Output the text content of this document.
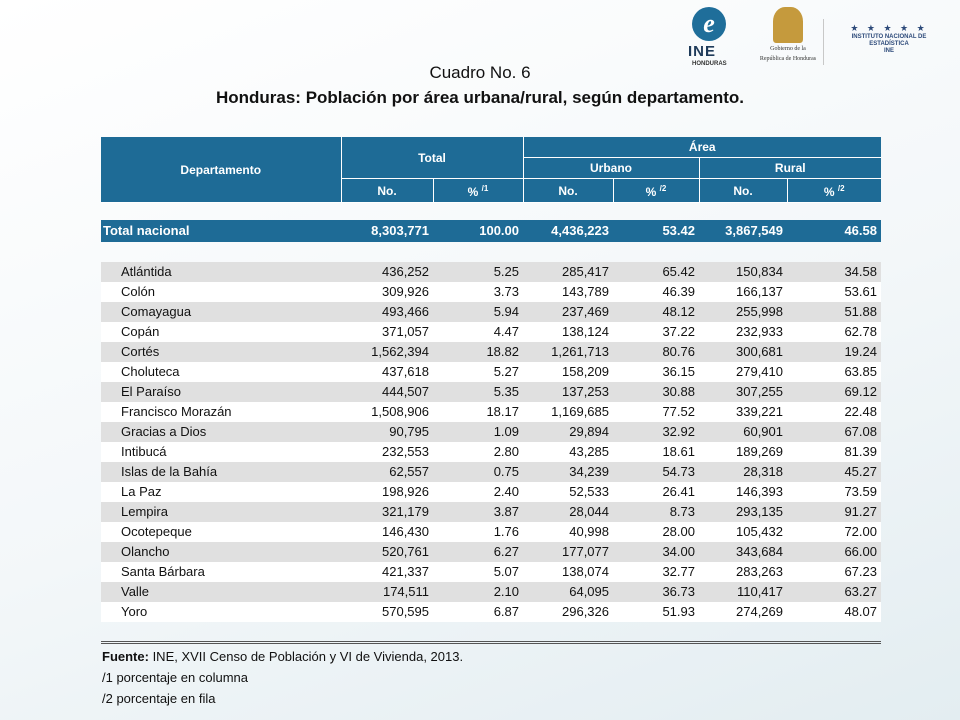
e
INE
HONDURAS
Gobierno de la
República de Honduras
★ ★ ★ ★ ★
INSTITUTO NACIONAL DE
ESTADÍSTICA
INE
Cuadro No. 6
Honduras: Población por área urbana/rural, según departamento.
Departamento	Total		Área			
			Urbano		Rural	
	No.	% $^{/1}$	No.	% $^{/2}$	No.	% $^{/2}$

Total nacional	8,303,771	100.00	4,436,223	53.42	3,867,549	46.58

Atlántida	436,252	5.25	285,417	65.42	150,834	34.58
Colón	309,926	3.73	143,789	46.39	166,137	53.61
Comayagua	493,466	5.94	237,469	48.12	255,998	51.88
Copán	371,057	4.47	138,124	37.22	232,933	62.78
Cortés	1,562,394	18.82	1,261,713	80.76	300,681	19.24
Choluteca	437,618	5.27	158,209	36.15	279,410	63.85
El Paraíso	444,507	5.35	137,253	30.88	307,255	69.12
Francisco Morazán	1,508,906	18.17	1,169,685	77.52	339,221	22.48
Gracias a Dios	90,795	1.09	29,894	32.92	60,901	67.08
Intibucá	232,553	2.80	43,285	18.61	189,269	81.39
Islas de la Bahía	62,557	0.75	34,239	54.73	28,318	45.27
La Paz	198,926	2.40	52,533	26.41	146,393	73.59
Lempira	321,179	3.87	28,044	8.73	293,135	91.27
Ocotepeque	146,430	1.76	40,998	28.00	105,432	72.00
Olancho	520,761	6.27	177,077	34.00	343,684	66.00
Santa Bárbara	421,337	5.07	138,074	32.77	283,263	67.23
Valle	174,511	2.10	64,095	36.73	110,417	63.27
Yoro	570,595	6.87	296,326	51.93	274,269	48.07
Fuente: INE, XVII Censo de Población y VI de Vivienda, 2013.
/1 porcentaje en columna
/2 porcentaje en fila
